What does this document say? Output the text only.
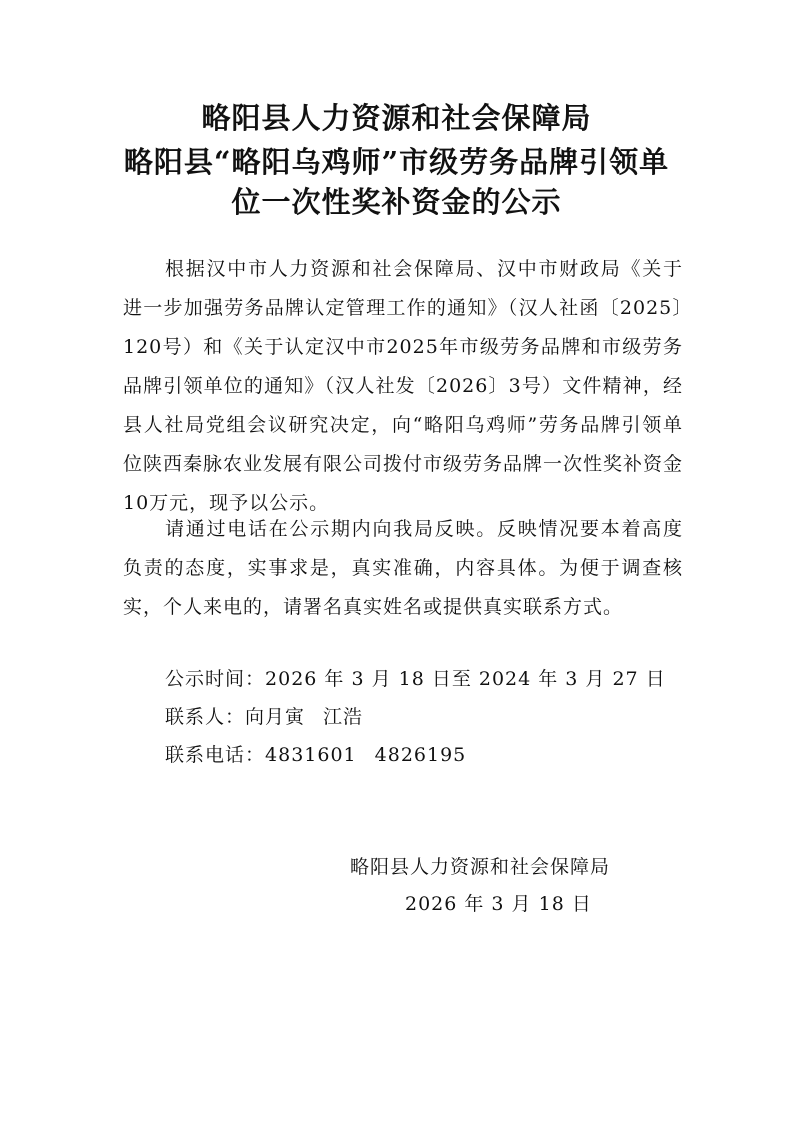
略阳县人力资源和社会保障局
略阳县“略阳乌鸡师”市级劳务品牌引领单
位一次性奖补资金的公示

根据汉中市人力资源和社会保障局、汉中市财政局《关于进一步加强劳务品牌认定管理工作的通知》（汉人社函〔2025〕120号）和《关于认定汉中市2025年市级劳务品牌和市级劳务品牌引领单位的通知》（汉人社发〔2026〕3号）文件精神，经县人社局党组会议研究决定，向“略阳乌鸡师”劳务品牌引领单位陕西秦脉农业发展有限公司拨付市级劳务品牌一次性奖补资金10万元，现予以公示。

请通过电话在公示期内向我局反映。反映情况要本着高度负责的态度，实事求是，真实准确，内容具体。为便于调查核实，个人来电的，请署名真实姓名或提供真实联系方式。

公示时间：2026 年 3 月 18 日至 2024 年 3 月 27 日
联系人：向月寅 江浩
联系电话：4831601 4826195
略阳县人力资源和社会保障局
2026 年 3 月 18 日
